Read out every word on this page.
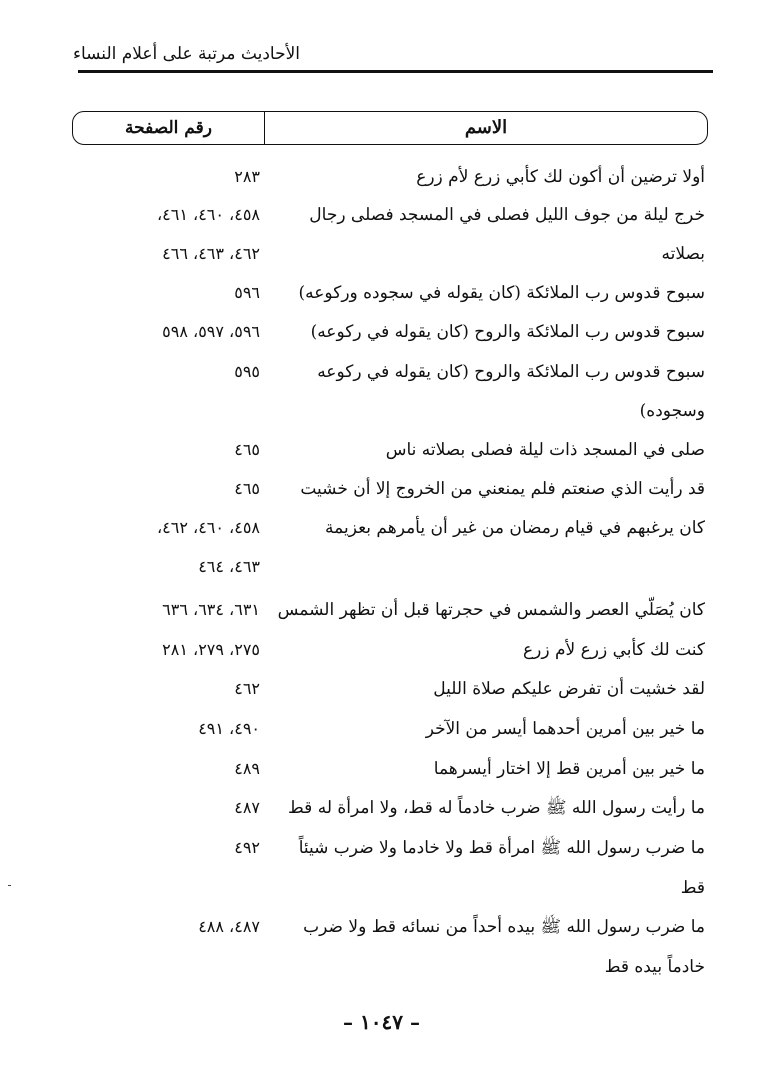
الأحاديث مرتبة على أعلام النساء
الاسم
رقم الصفحة
أولا ترضين أن أكون لك كأبي زرع لأم زرع
٢٨٣
خرج ليلة من جوف الليل فصلى في المسجد فصلى رجال
٤٥٨، ٤٦٠، ٤٦١،
بصلاته
٤٦٢، ٤٦٣، ٤٦٦
سبوح قدوس رب الملائكة (كان يقوله في سجوده وركوعه)
٥٩٦
سبوح قدوس رب الملائكة والروح (كان يقوله في ركوعه)
٥٩٦، ٥٩٧، ٥٩٨
سبوح قدوس رب الملائكة والروح (كان يقوله في ركوعه
٥٩٥
وسجوده)
صلى في المسجد ذات ليلة فصلى بصلاته ناس
٤٦٥
قد رأيت الذي صنعتم فلم يمنعني من الخروج إلا أن خشيت
٤٦٥
كان يرغبهم في قيام رمضان من غير أن يأمرهم بعزيمة
٤٥٨، ٤٦٠، ٤٦٢،
٤٦٣، ٤٦٤
كان يُصَلّي العصر والشمس في حجرتها قبل أن تظهر الشمس
٦٣١، ٦٣٤، ٦٣٦
كنت لك كأبي زرع لأم زرع
٢٧٥، ٢٧٩، ٢٨١
لقد خشيت أن تفرض عليكم صلاة الليل
٤٦٢
ما خير بين أمرين أحدهما أيسر من الآخر
٤٩٠، ٤٩١
ما خير بين أمرين قط إلا اختار أيسرهما
٤٨٩
ما رأيت رسول الله ﷺ ضرب خادماً له قط، ولا امرأة له قط
٤٨٧
ما ضرب رسول الله ﷺ امرأة قط ولا خادما ولا ضرب شيئاً
٤٩٢
قط
ما ضرب رسول الله ﷺ بيده أحداً من نسائه قط ولا ضرب
٤٨٧، ٤٨٨
خادماً بيده قط
– ١٠٤٧ –
